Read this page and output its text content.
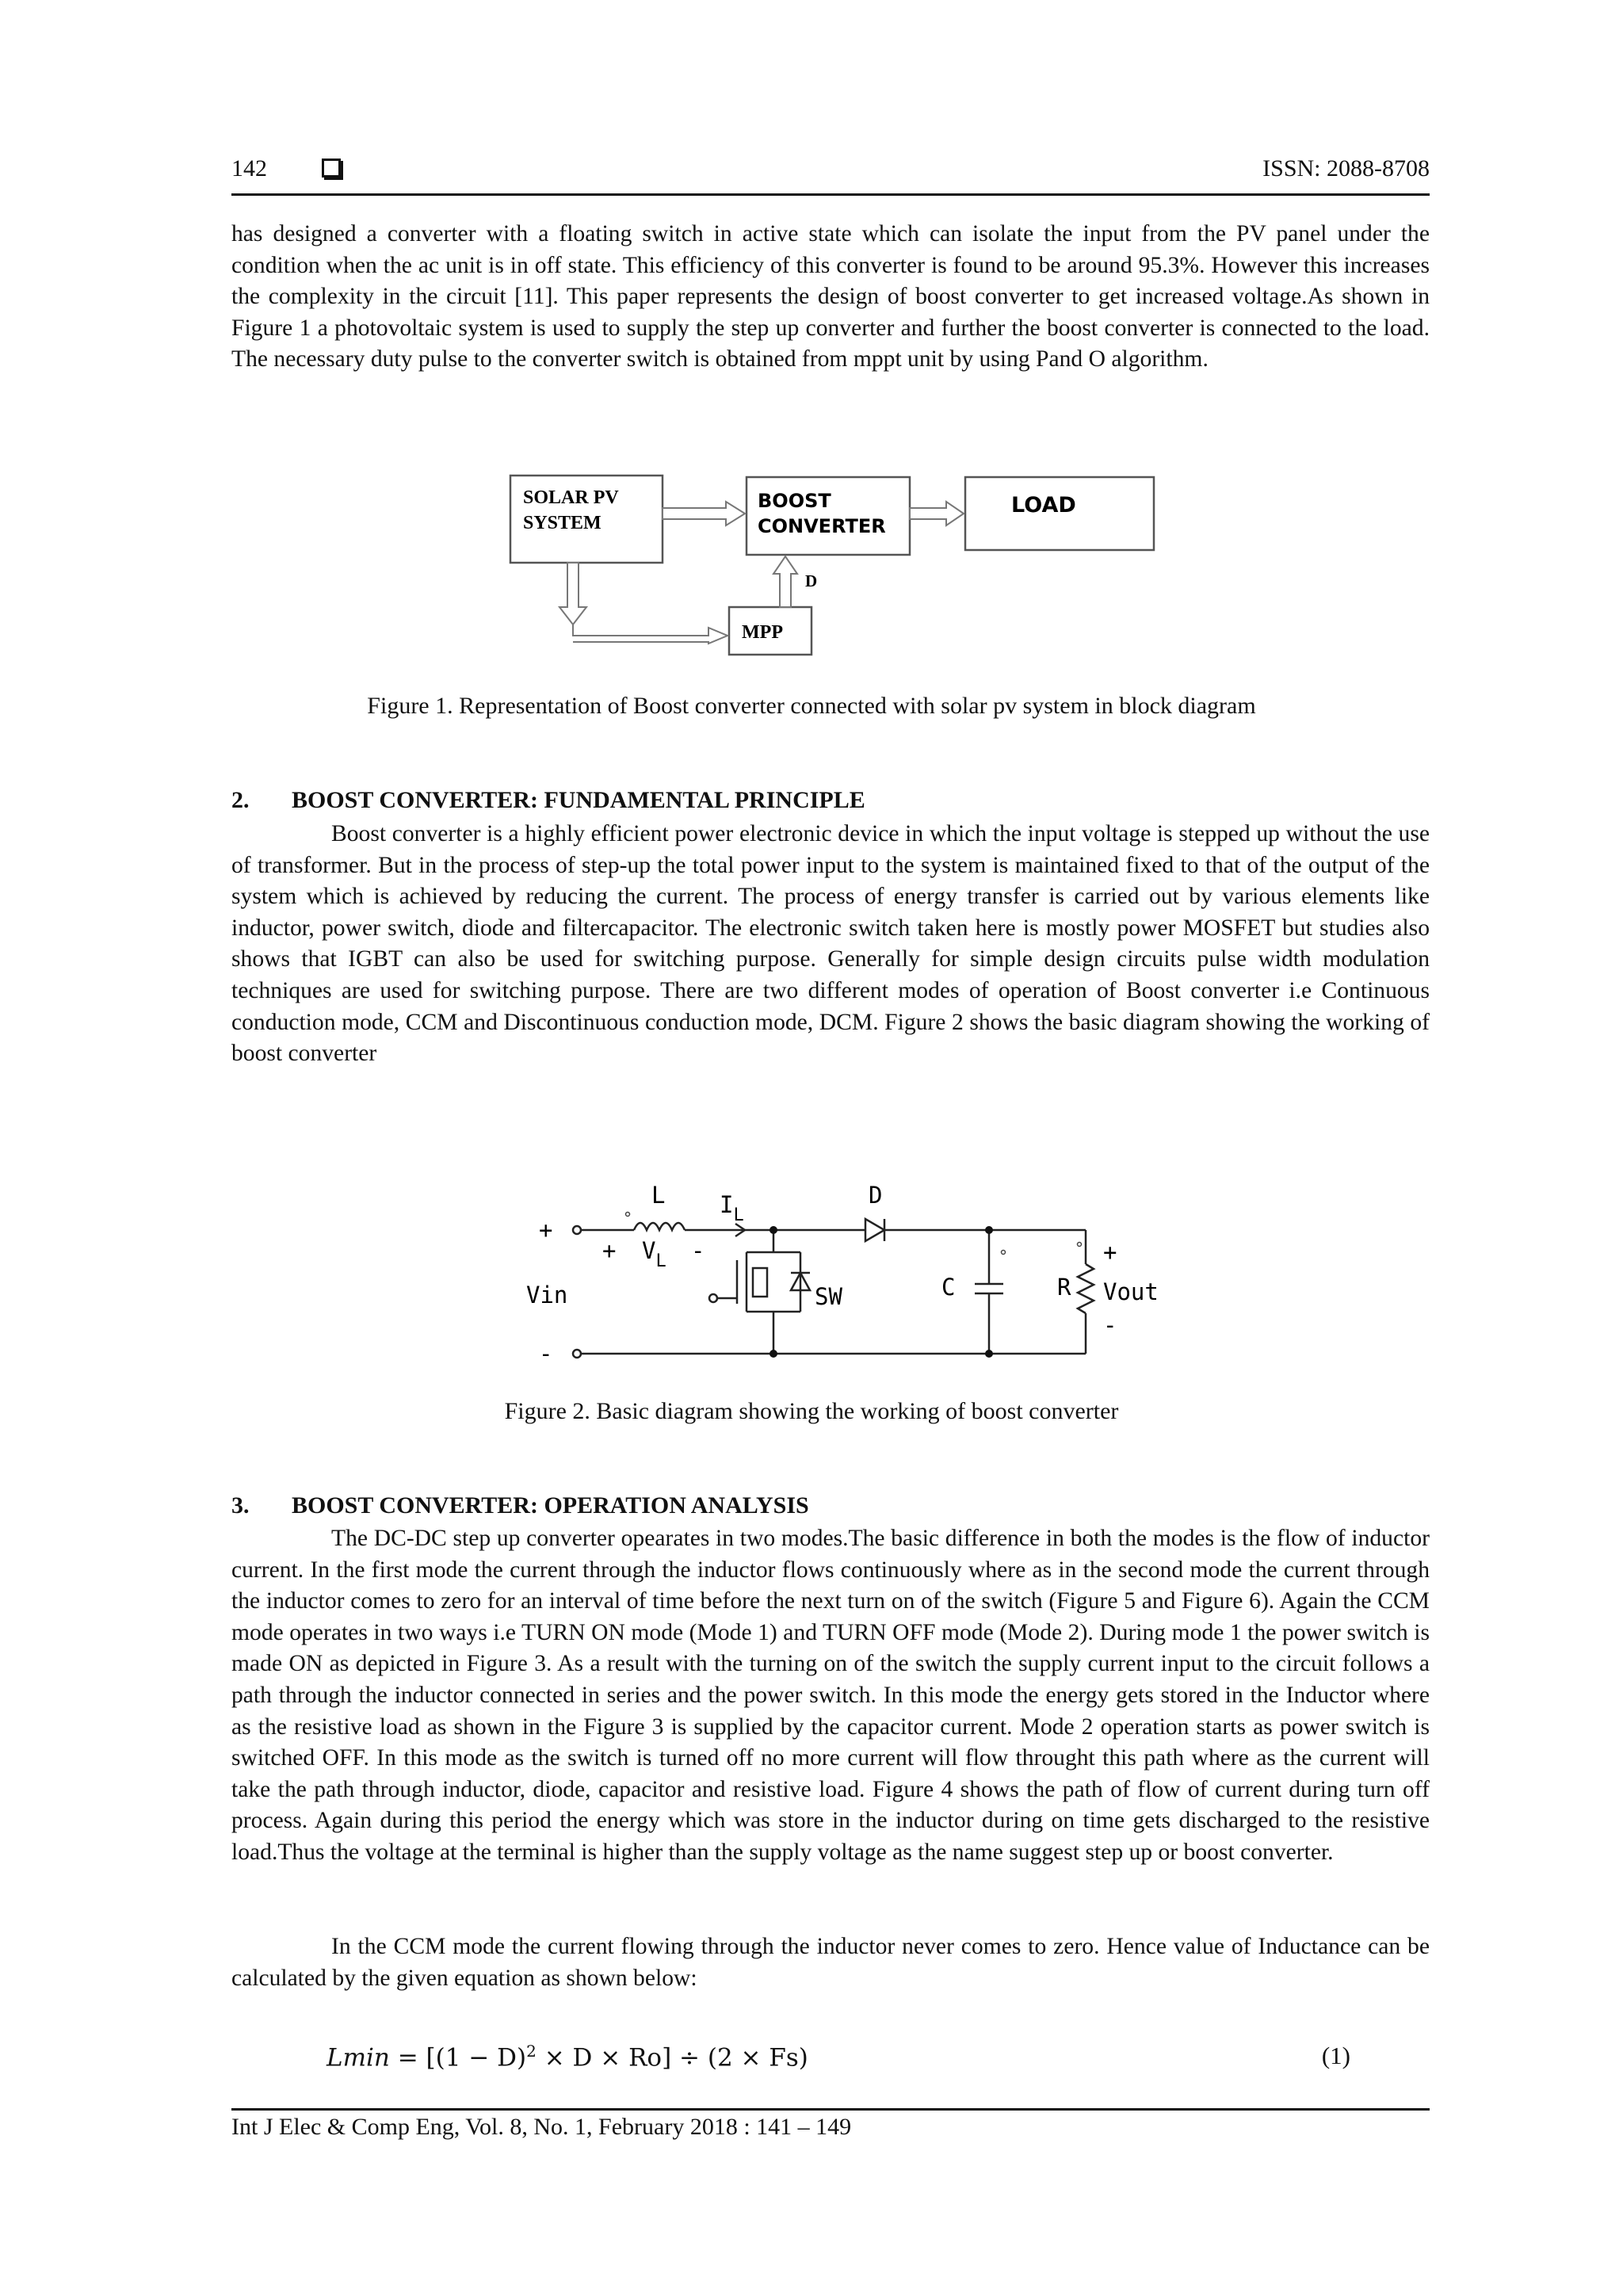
142	ISSN: 2088-8708

has designed a converter with a floating switch in active state which can isolate the input from the PV panel under the condition when the ac unit is in off state. This efficiency of this converter is found to be around 95.3%. However this increases the complexity in the circuit [11]. This paper represents the design of boost converter to get increased voltage.As shown in Figure 1 a photovoltaic system is used to supply the step up converter and further the boost converter is connected to the load. The necessary duty pulse to the converter switch is obtained from mppt unit by using Pand O algorithm.

SOLAR PV
SYSTEM
BOOST
CONVERTER
LOAD
MPP
D
Figure 1. Representation of Boost converter connected with solar pv system in block diagram
2. BOOST CONVERTER: FUNDAMENTAL PRINCIPLE

Boost converter is a highly efficient power electronic device in which the input voltage is stepped up without the use of transformer. But in the process of step-up the total power input to the system is maintained fixed to that of the output of the system which is achieved by reducing the current. The process of energy transfer is carried out by various elements like inductor, power switch, diode and filtercapacitor. The electronic switch taken here is mostly power MOSFET but studies also shows that IGBT can also be used for switching purpose. Generally for simple design circuits pulse width modulation techniques are used for switching purpose. There are two different modes of operation of Boost converter i.e Continuous conduction mode, CCM and Discontinuous conduction mode, DCM. Figure 2 shows the basic diagram showing the working of boost converter

L $I_L$
D
+
Vin
-
+ $V_L$ -
SW	C	R
+
Vout
-
Figure 2. Basic diagram showing the working of boost converter
3. BOOST CONVERTER: OPERATION ANALYSIS

The DC-DC step up converter opearates in two modes.The basic difference in both the modes is the flow of inductor current. In the first mode the current through the inductor flows continuously where as in the second mode the current through the inductor comes to zero for an interval of time before the next turn on of the switch (Figure 5 and Figure 6). Again the CCM mode operates in two ways i.e TURN ON mode (Mode 1) and TURN OFF mode (Mode 2). During mode 1 the power switch is made ON as depicted in Figure 3. As a result with the turning on of the switch the supply current input to the circuit follows a path through the inductor connected in series and the power switch. In this mode the energy gets stored in the Inductor where as the resistive load as shown in the Figure 3 is supplied by the capacitor current. Mode 2 operation starts as power switch is switched OFF. In this mode as the switch is turned off no more current will flow throught this path where as the current will take the path through inductor, diode, capacitor and resistive load. Figure 4 shows the path of flow of current during turn off process. Again during this period the energy which was store in the inductor during on time gets discharged to the resistive load.Thus the voltage at the terminal is higher than the supply voltage as the name suggest step up or boost converter.

In the CCM mode the current flowing through the inductor never comes to zero. Hence value of Inductance can be calculated by the given equation as shown below:

$Lmin = [(1 - D)^2 \times D \times Ro] \div (2 \times Fs)$	(1)
Int J Elec & Comp Eng, Vol. 8, No. 1, February 2018 : 141 – 149
